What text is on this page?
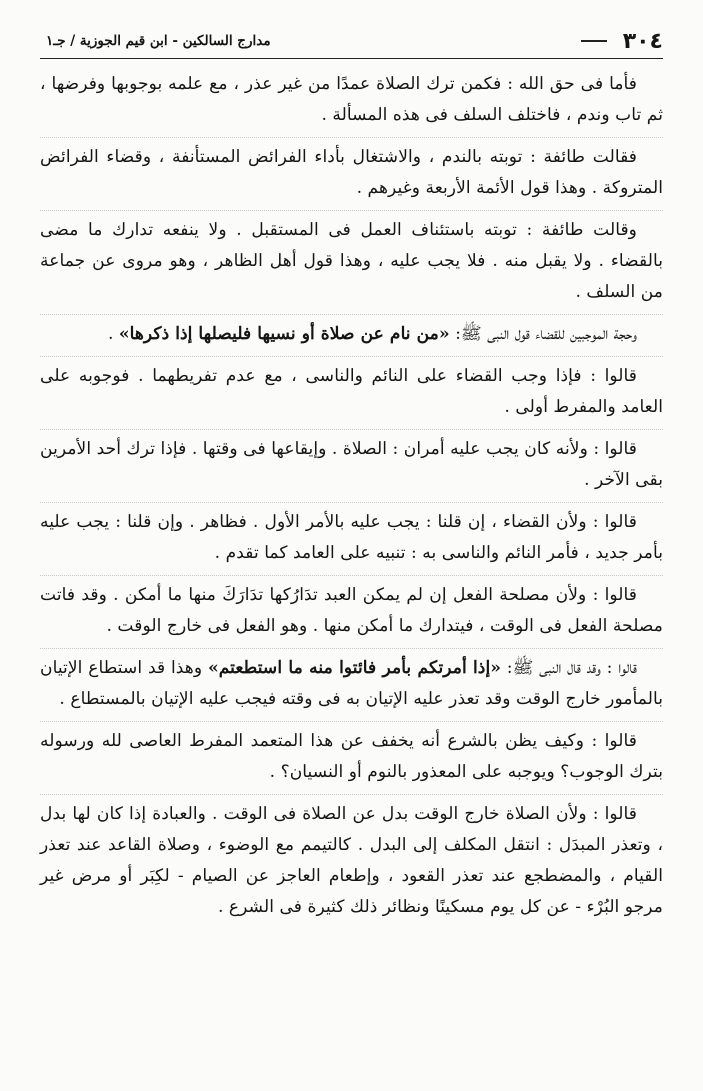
٣٠٤
مدارج السالكين - ابن قيم الجوزية / جـ١

فأما فى حق الله : فكمن ترك الصلاة عمدًا من غير عذر ، مع علمه بوجوبها وفرضها ، ثم تاب وندم ، فاختلف السلف فى هذه المسألة .

فقالت طائفة : توبته بالندم ، والاشتغال بأداء الفرائض المستأنفة ، وقضاء الفرائض المتروكة . وهذا قول الأئمة الأربعة وغيرهم .

وقالت طائفة : توبته باستئناف العمل فى المستقبل . ولا ينفعه تدارك ما مضى بالقضاء . ولا يقبل منه . فلا يجب عليه ، وهذا قول أهل الظاهر ، وهو مروى عن جماعة من السلف .

وحجة الموجبين للقضاء قول النبى ﷺ: «من نام عن صلاة أو نسيها فليصلها إذا ذكرها» .

قالوا : فإذا وجب القضاء على النائم والناسى ، مع عدم تفريطهما . فوجوبه على العامد والمفرط أولى .

قالوا : ولأنه كان يجب عليه أمران : الصلاة . وإيقاعها فى وقتها . فإذا ترك أحد الأمرين بقى الآخر .

قالوا : ولأن القضاء ، إن قلنا : يجب عليه بالأمر الأول . فظاهر . وإن قلنا : يجب عليه بأمر جديد ، فأمر النائم والناسى به : تنبيه على العامد كما تقدم .

قالوا : ولأن مصلحة الفعل إن لم يمكن العبد تدَارُكها تدَارَكَ منها ما أمكن . وقد فاتت مصلحة الفعل فى الوقت ، فيتدارك ما أمكن منها . وهو الفعل فى خارج الوقت .

قالوا : وقد قال النبى ﷺ: «إذا أمرتكم بأمر فائتوا منه ما استطعتم» وهذا قد استطاع الإتيان بالمأمور خارج الوقت وقد تعذر عليه الإتيان به فى وقته فيجب عليه الإتيان بالمستطاع .

قالوا : وكيف يظن بالشرع أنه يخفف عن هذا المتعمد المفرط العاصى لله ورسوله بترك الوجوب؟ ويوجبه على المعذور بالنوم أو النسيان؟ .

قالوا : ولأن الصلاة خارج الوقت بدل عن الصلاة فى الوقت . والعبادة إذا كان لها بدل ، وتعذر المبدَل : انتقل المكلف إلى البدل . كالتيمم مع الوضوء ، وصلاة القاعد عند تعذر القيام ، والمضطجع عند تعذر القعود ، وإطعام العاجز عن الصيام - لكِبَر أو مرض غير مرجو البُرْء - عن كل يوم مسكينًا ونظائر ذلك كثيرة فى الشرع .
